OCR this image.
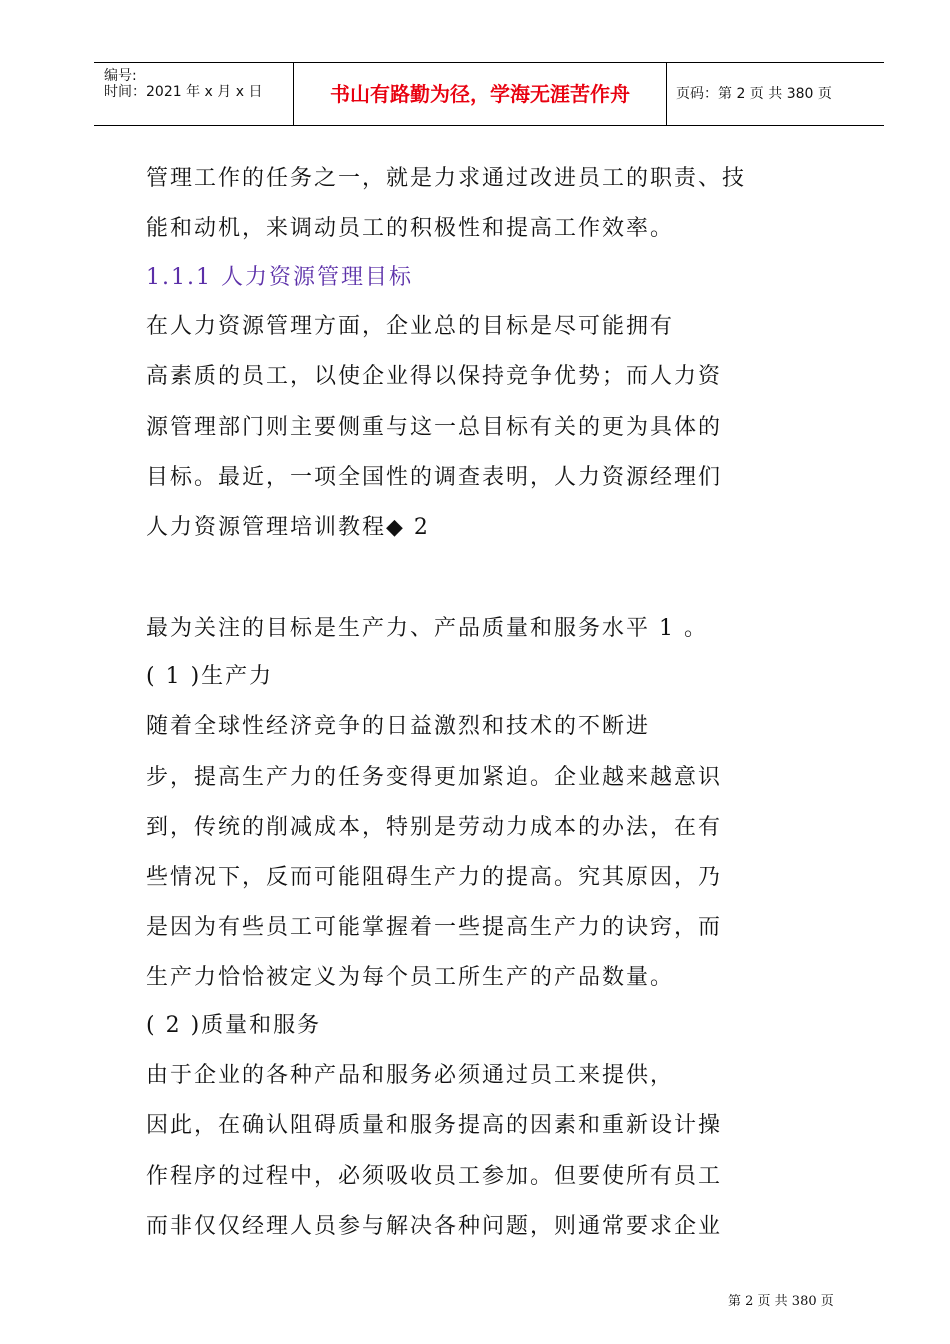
编号:
时间：2021 年 x 月 x 日	书山有路勤为径，学海无涯苦作舟	页码：第 2 页 共 380 页
管理工作的任务之一，就是力求通过改进员工的职责、技
能和动机，来调动员工的积极性和提高工作效率。
1.1.1 人力资源管理目标
在人力资源管理方面，企业总的目标是尽可能拥有
高素质的员工，以使企业得以保持竞争优势；而人力资
源管理部门则主要侧重与这一总目标有关的更为具体的
目标。最近，一项全国性的调查表明，人力资源经理们
人力资源管理培训教程◆ 2
最为关注的目标是生产力、产品质量和服务水平 1 。
( 1 )生产力
随着全球性经济竞争的日益激烈和技术的不断进
步，提高生产力的任务变得更加紧迫。企业越来越意识
到，传统的削减成本，特别是劳动力成本的办法，在有
些情况下，反而可能阻碍生产力的提高。究其原因，乃
是因为有些员工可能掌握着一些提高生产力的诀窍，而
生产力恰恰被定义为每个员工所生产的产品数量。
( 2 )质量和服务
由于企业的各种产品和服务必须通过员工来提供，
因此，在确认阻碍质量和服务提高的因素和重新设计操
作程序的过程中，必须吸收员工参加。但要使所有员工
而非仅仅经理人员参与解决各种问题，则通常要求企业
第 2 页 共 380 页
